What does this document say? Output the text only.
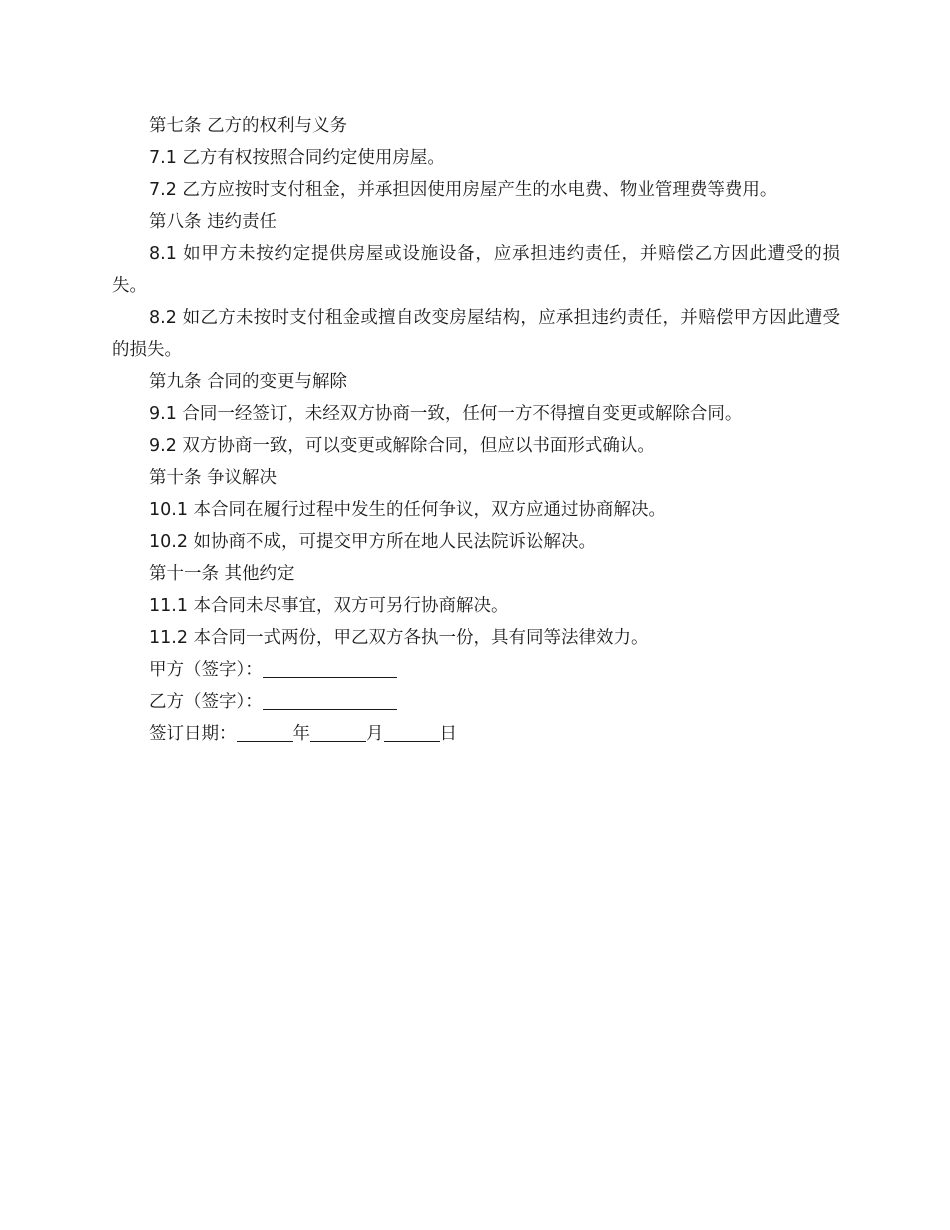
第七条 乙方的权利与义务

7.1 乙方有权按照合同约定使用房屋。

7.2 乙方应按时支付租金，并承担因使用房屋产生的水电费、物业管理费等费用。

第八条 违约责任

8.1 如甲方未按约定提供房屋或设施设备，应承担违约责任，并赔偿乙方因此遭受的损失。

8.2 如乙方未按时支付租金或擅自改变房屋结构，应承担违约责任，并赔偿甲方因此遭受的损失。

第九条 合同的变更与解除

9.1 合同一经签订，未经双方协商一致，任何一方不得擅自变更或解除合同。

9.2 双方协商一致，可以变更或解除合同，但应以书面形式确认。

第十条 争议解决

10.1 本合同在履行过程中发生的任何争议，双方应通过协商解决。

10.2 如协商不成，可提交甲方所在地人民法院诉讼解决。

第十一条 其他约定

11.1 本合同未尽事宜，双方可另行协商解决。

11.2 本合同一式两份，甲乙双方各执一份，具有同等法律效力。

甲方（签字）：

乙方（签字）：

签订日期：	年	月	日
